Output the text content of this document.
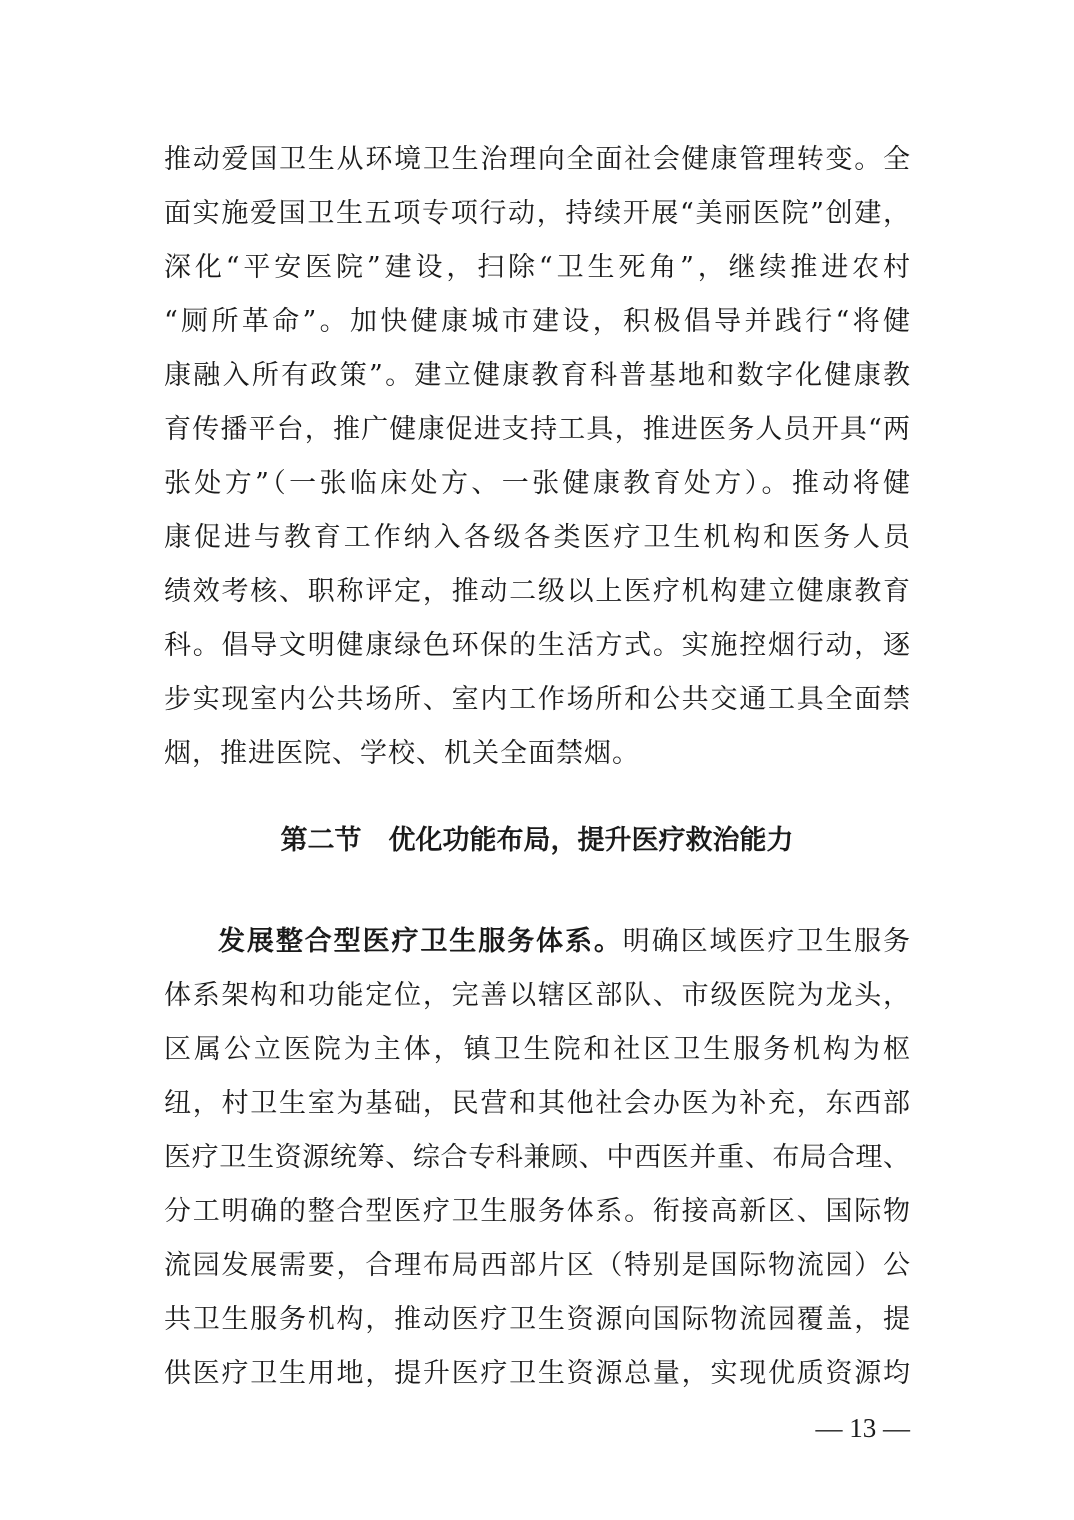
推动爱国卫生从环境卫生治理向全面社会健康管理转变。全
面实施爱国卫生五项专项行动，持续开展“美丽医院”创建，
深化“平安医院”建设，扫除“卫生死角”，继续推进农村
“厕所革命”。加快健康城市建设，积极倡导并践行“将健
康融入所有政策”。建立健康教育科普基地和数字化健康教
育传播平台，推广健康促进支持工具，推进医务人员开具“两
张处方”（一张临床处方、一张健康教育处方）。推动将健
康促进与教育工作纳入各级各类医疗卫生机构和医务人员
绩效考核、职称评定，推动二级以上医疗机构建立健康教育
科。倡导文明健康绿色环保的生活方式。实施控烟行动，逐
步实现室内公共场所、室内工作场所和公共交通工具全面禁
烟，推进医院、学校、机关全面禁烟。
第二节　优化功能布局，提升医疗救治能力
发展整合型医疗卫生服务体系。明确区域医疗卫生服务
体系架构和功能定位，完善以辖区部队、市级医院为龙头，
区属公立医院为主体，镇卫生院和社区卫生服务机构为枢
纽，村卫生室为基础，民营和其他社会办医为补充，东西部
医疗卫生资源统筹、综合专科兼顾、中西医并重、布局合理、
分工明确的整合型医疗卫生服务体系。衔接高新区、国际物
流园发展需要，合理布局西部片区（特别是国际物流园）公
共卫生服务机构，推动医疗卫生资源向国际物流园覆盖，提
供医疗卫生用地，提升医疗卫生资源总量，实现优质资源均
— 13 —
